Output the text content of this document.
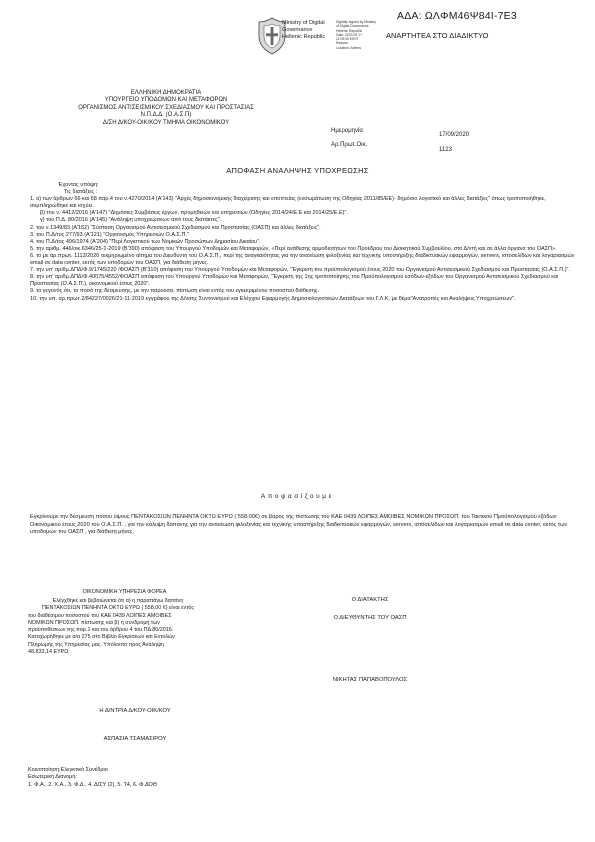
ΑΔΑ: ΩΛΦΜ46Ψ84Ι-7Ε3
Ministry of Digital
Governance
Hellenic Republic
Digitally signed by Ministry
of Digital Governance
Hellenic Republic
Date: 2020.09.17
11:09:49 EEST
Reason:
Location: Athens
ΑΝΑΡΤΗΤΕΑ ΣΤΟ ΔΙΑΔΙΚΤΥΟ
ΕΛΛΗΝΙΚΗ ΔΗΜΟΚΡΑΤΙΑ
ΥΠΟΥΡΓΕΙΟ ΥΠΟΔΟΜΩΝ ΚΑΙ ΜΕΤΑΦΟΡΩΝ
ΟΡΓΑΝΙΣΜΟΣ ΑΝΤΙΣΕΙΣΜΙΚΟΥ ΣΧΕΔΙΑΣΜΟΥ ΚΑΙ ΠΡΟΣΤΑΣΙΑΣ
Ν.Π.Δ.Δ. (Ο.Α.Σ.Π)
Δ/ΣΗ Δ/ΚΟΥ-ΟΙΚ/ΚΟΥ ΤΜΗΜΑ ΟΙΚΟΝΟΜΙΚΟΥ
Ημερομηνία
17/09/2020
Αρ.Πρωτ.Οικ.
1123
ΑΠΟΦΑΣΗ ΑΝΑΛΗΨΗΣ ΥΠΟΧΡΕΩΣΗΣ

Έχοντας υπόψη:

Τις διατάξεις :

1. α) των άρθρων 66 και 68 παρ.4 του ν.4270/2014 (Α'143) "Αρχές δημοσιονομικής διαχείρισης και εποπτείας (ενσωμάτωση της Οδηγίας 2011/85/ΕΕ)- δημόσιο λογιστικό και άλλες διατάξεις" όπως τροποποιήθηκε, συμπληρώθηκε και ισχύει.

β) του ν. 4412/2016 (Α'147) "Δημόσιες Συμβάσεις έργων, προμηθειών και υπηρεσιών (Οδηγίες 2014/24/Ε.Ε και 2014/25/Ε.Ε)".

γ) του Π.Δ. 80/2016 (Α'145) "Ανάληψη υποχρεώσεων από τους διατάκτες".

2. του ν.1349/83 (Α'152) "Σύσταση Οργανισμού Αντισεισμικού Σχεδιασμού και Προστασίας (ΟΑΣΠ) και άλλες διατάξεις".

3. του Π.Δ/τος 277/93 (Α'121) "Οργανισμός Υπηρεσιών Ο.Α.Σ.Π."

4. του Π.Δ/τος 496/1974 (Α'204) "Περί Λογιστικού των Νομικών Προσώπων Δημοσίου Δικαίου".

5. την αριθμ. 446/οικ.6346/25-1-2019 (Β'390) απόφαση του Υπουργού Υποδομών και Μεταφορών, «Περί ανάθεσης αρμοδιοτήτων του Προέδρου του Διοικητικού Συμβουλίου, στο Δ/ντή και σε άλλα όργανα του ΟΑΣΠ».

6. το με αρ.πρωτ. 1113/2020 τεκμηριωμένο αίτημα του Διευθυντή του Ο.Α.Σ.Π., περί της αναγκαιότητας για την ανανέωση φιλοξενίας και τεχνικής υποστήριξης διαδικτυακών εφαρμογών, servers, ιστοσελίδων και λογαριασμών email σε data center, εκτός των υποδομών του ΟΑΣΠ, για διάθεση μήνες.

7. την υπ' αριθμ.ΔΠΔ/Φ.9/1745/220 /ΦΟΑΣΠ (Β'310) απόφαση του Υπουργού Υποδομών και Μεταφορών, "Έγκριση του προϋπολογισμού έτους 2020 του Οργανισμού Αντισεισμικού Σχεδιασμού και Προστασίας (Ο.Α.Σ.Π.)".

8. την υπ' αριθμ.ΔΠΔ/Φ.40075/4552/ΦΟΑΣΠ απόφαση του Υπουργού Υποδομών και Μεταφορών, "Έγκριση της 1ης τροποποίησης του Προϋπολογισμού εσόδων-εξόδων του Οργανισμού Αντισεισμικού Σχεδιασμού και Προστασίας (Ο.Α.Σ.Π.), οικονομικού έτους 2020".

9. το γεγονός ότι, το ποσό της δέσμευσης, με την παρούσα, πίστωση είναι εντός του εγκεκριμένου ποσοστού διάθεσης.

10. την υπ. αρ.πρωτ.2/84227/0026/21-11-2019 εγγράφου της Δ/νσης Συντονισμού και Ελέγχου Εφαρμογής Δημοσιολογιστικών Διατάξεων του Γ.Λ.Κ, με θέμα"Ανατροπές και Αναλήψεις Υποχρεώσεων".

Αποφασίζουμε
Εγκρίνουμε την δέσμευση ποσού ύψους ΠΕΝΤΑΚΟΣΙΩΝ ΠΕΝΗΝΤΑ ΟΚΤΩ ΕΥΡΩ ( 558,00€) σε βάρος της πίστωσης του ΚΑΕ 0439 ΛΟΙΠΕΣ ΑΜΟΙΒΕΣ ΝΟΜΙΚΩΝ ΠΡΟΣΩΠ. του Τακτικού Προϋπολογισμού εξόδων Οικονομικού έτους 2020 του Ο.Α.Σ.Π. , για την κάλυψη δαπάνης για την ανανέωση φιλοξενίας και τεχνικής υποστήριξης διαδικτυακών εφαρμογών, servers, ιστοσελίδων και λογαριασμών email σε data center, εκτός των υποδομών του ΟΑΣΠ , για διάθεση μήνες.
ΟΙΚΟΝΟΜΙΚΗ ΥΠΗΡΕΣΙΑ ΦΟΡΕΑ
Ελέγχθηκε και βεβαιώνεται ότι α) η παραπάνω δαπάνη
ΠΕΝΤΑΚΟΣΙΩΝ ΠΕΝΗΝΤΑ ΟΚΤΩ ΕΥΡΩ ( 558,00 €) είναι εντός
του διαθέσιμου ποσοστού του ΚΑΕ 0439 ΛΟΙΠΕΣ ΑΜΟΙΒΕΣ
ΝΟΜΙΚΩΝ ΠΡΟΣΩΠ. πίστωσης και β) η συνδρομή των
προϋποθέσεων της παρ.1 και του άρθρου 4 του ΠΔ 80/2016.
Καταχωρήθηκε με α/α 275 στο Βιβλίο Εγκρίσεων και Εντολών
Πληρωμής της Υπηρεσίας μας. Υπόλοιπο προς Ανάληψη
48.833,14 ΕΥΡΩ.
Η Δ/ΝΤΡΙΑ Δ/ΚΟΥ-ΟΙΚ/ΚΟΥ
ΑΣΠΑΣΙΑ ΤΣΑΜΑΣΙΡΟΥ
Ο ΔΙΑΤΑΚΤΗΣ
Ο ΔΙΕΥΘΥΝΤΗΣ ΤΟΥ ΟΑΣΠ
ΝΙΚΗΤΑΣ ΠΑΠΑΒΟΠΟΥΛΟΣ
Κοινοποίηση:Ελεγκτικό Συνέδριο
Εσωτερική Διανομή:
1. Φ.Α., 2. Χ.Α., 3. Φ.Δ., 4. Δ/ΣΥ (2), 5. Τ4, 6. Φ.ΔΟΘ
